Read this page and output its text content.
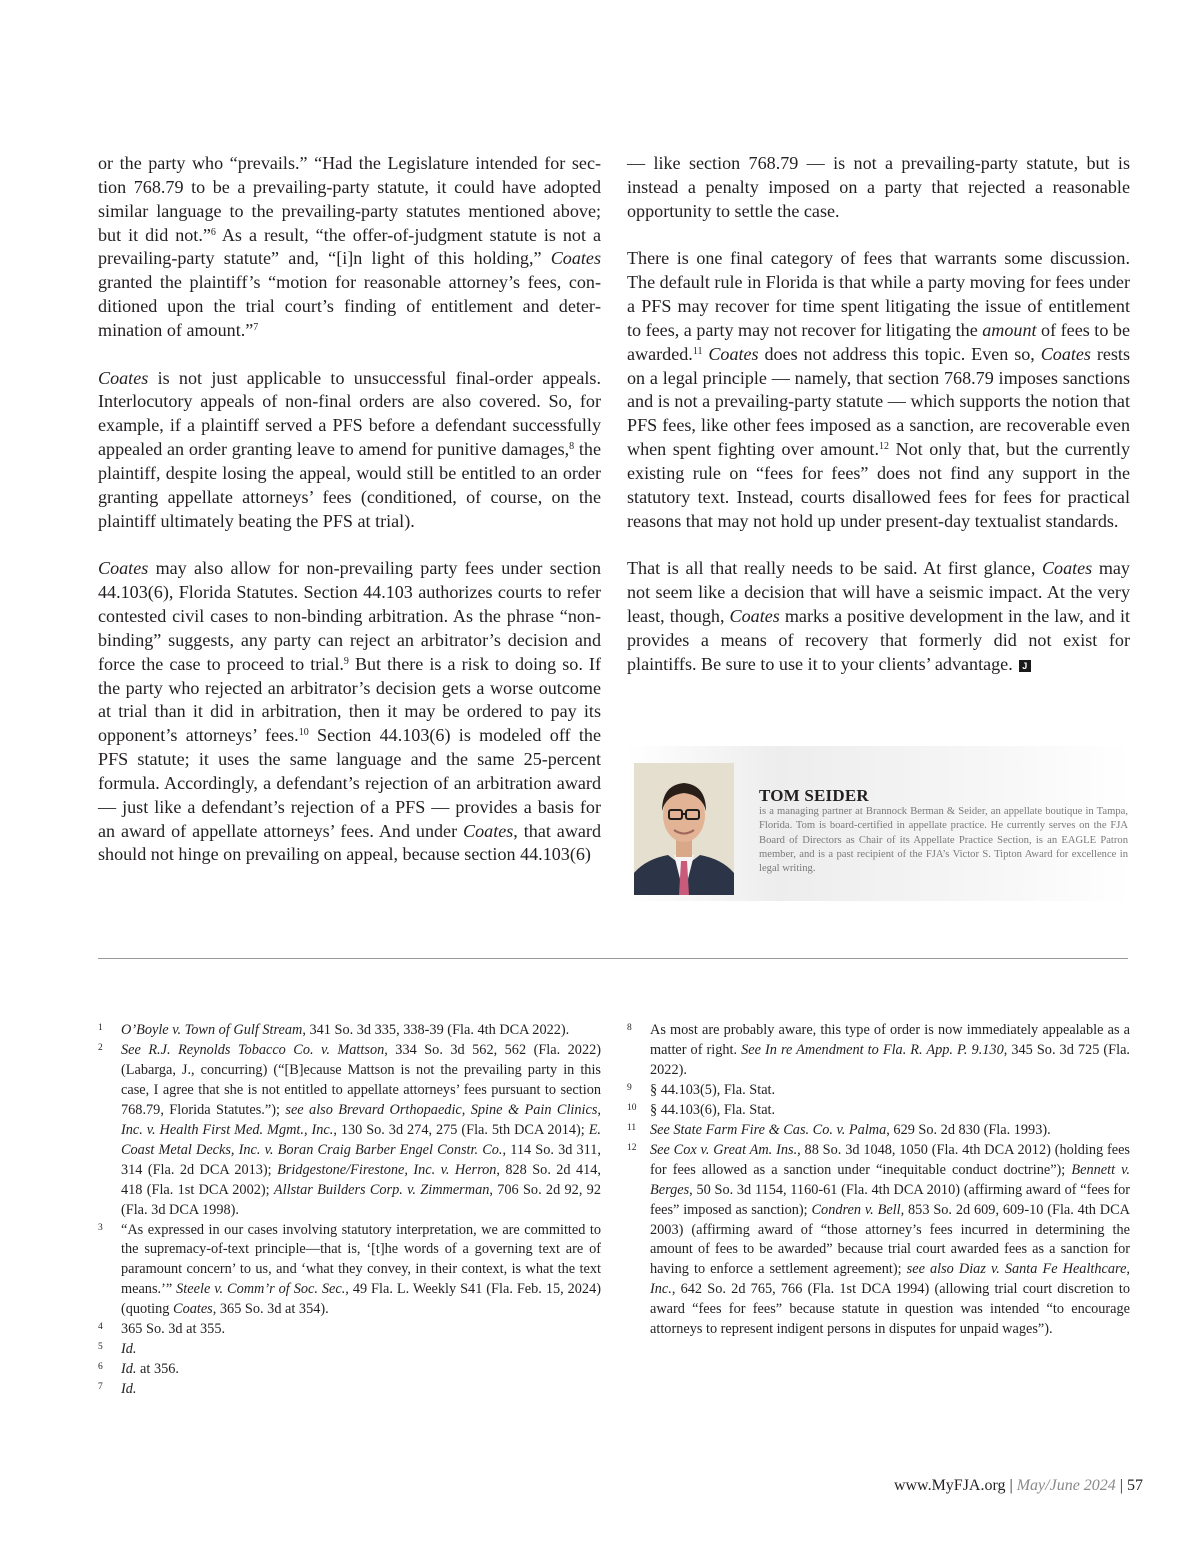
or the party who “prevails.” “Had the Legislature intended for section 768.79 to be a prevailing-party statute, it could have adopted similar language to the prevailing-party statutes mentioned above; but it did not.”$^6$ As a result, “the offer-of-judgment statute is not a prevailing-party statute” and, “[i]n light of this holding,” Coates granted the plaintiff’s “motion for reasonable attorney’s fees, conditioned upon the trial court’s finding of entitlement and determination of amount.”$^7$

Coates is not just applicable to unsuccessful final-order appeals. Interlocutory appeals of non-final orders are also covered. So, for example, if a plaintiff served a PFS before a defendant successfully appealed an order granting leave to amend for punitive damages,$^8$ the plaintiff, despite losing the appeal, would still be entitled to an order granting appellate attorneys’ fees (conditioned, of course, on the plaintiff ultimately beating the PFS at trial).

Coates may also allow for non-prevailing party fees under section 44.103(6), Florida Statutes. Section 44.103 authorizes courts to refer contested civil cases to non-binding arbitration. As the phrase “non-binding” suggests, any party can reject an arbitrator’s decision and force the case to proceed to trial.$^9$ But there is a risk to doing so. If the party who rejected an arbitrator’s decision gets a worse outcome at trial than it did in arbitration, then it may be ordered to pay its opponent’s attorneys’ fees.$^{10}$ Section 44.103(6) is modeled off the PFS statute; it uses the same language and the same 25-percent formula. Accordingly, a defendant’s rejection of an arbitration award — just like a defendant’s rejection of a PFS — provides a basis for an award of appellate attorneys’ fees. And under Coates, that award should not hinge on prevailing on appeal, because section 44.103(6)

— like section 768.79 — is not a prevailing-party statute, but is instead a penalty imposed on a party that rejected a reasonable opportunity to settle the case.

There is one final category of fees that warrants some discussion. The default rule in Florida is that while a party moving for fees under a PFS may recover for time spent litigating the issue of entitlement to fees, a party may not recover for litigating the amount of fees to be awarded.$^{11}$ Coates does not address this topic. Even so, Coates rests on a legal principle — namely, that section 768.79 imposes sanctions and is not a prevailing-party statute — which supports the notion that PFS fees, like other fees imposed as a sanction, are recoverable even when spent fighting over amount.$^{12}$ Not only that, but the currently existing rule on “fees for fees” does not find any support in the statutory text. Instead, courts disallowed fees for fees for practical reasons that may not hold up under present-day textualist standards.

That is all that really needs to be said. At first glance, Coates may not seem like a decision that will have a seismic impact. At the very least, though, Coates marks a positive development in the law, and it provides a means of recovery that formerly did not exist for plaintiffs. Be sure to use it to your clients’ advantage. J

TOM SEIDER
is a managing partner at Brannock Berman & Seider, an appellate boutique in Tampa, Florida. Tom is board-certified in appellate practice. He currently serves on the FJA Board of Directors as Chair of its Appellate Practice Section, is an EAGLE Patron member, and is a past recipient of the FJA’s Victor S. Tipton Award for excellence in legal writing.

1 O’Boyle v. Town of Gulf Stream, 341 So. 3d 335, 338-39 (Fla. 4th DCA 2022).

2 See R.J. Reynolds Tobacco Co. v. Mattson, 334 So. 3d 562, 562 (Fla. 2022) (Labarga, J., concurring) (“[B]ecause Mattson is not the prevailing party in this case, I agree that she is not entitled to appellate attorneys’ fees pursuant to section 768.79, Florida Statutes.”); see also Brevard Orthopaedic, Spine & Pain Clinics, Inc. v. Health First Med. Mgmt., Inc., 130 So. 3d 274, 275 (Fla. 5th DCA 2014); E. Coast Metal Decks, Inc. v. Boran Craig Barber Engel Constr. Co., 114 So. 3d 311, 314 (Fla. 2d DCA 2013); Bridgestone/Firestone, Inc. v. Herron, 828 So. 2d 414, 418 (Fla. 1st DCA 2002); Allstar Builders Corp. v. Zimmerman, 706 So. 2d 92, 92 (Fla. 3d DCA 1998).

3 “As expressed in our cases involving statutory interpretation, we are committed to the supremacy-of-text principle—that is, ‘[t]he words of a governing text are of paramount concern’ to us, and ‘what they convey, in their context, is what the text means.’” Steele v. Comm’r of Soc. Sec., 49 Fla. L. Weekly S41 (Fla. Feb. 15, 2024) (quoting Coates, 365 So. 3d at 354).

4 365 So. 3d at 355.

5 Id.

6 Id. at 356.

7 Id.

8 As most are probably aware, this type of order is now immediately appealable as a matter of right. See In re Amendment to Fla. R. App. P. 9.130, 345 So. 3d 725 (Fla. 2022).

9 § 44.103(5), Fla. Stat.

10 § 44.103(6), Fla. Stat.

11 See State Farm Fire & Cas. Co. v. Palma, 629 So. 2d 830 (Fla. 1993).

12 See Cox v. Great Am. Ins., 88 So. 3d 1048, 1050 (Fla. 4th DCA 2012) (holding fees for fees allowed as a sanction under “inequitable conduct doctrine”); Bennett v. Berges, 50 So. 3d 1154, 1160-61 (Fla. 4th DCA 2010) (affirming award of “fees for fees” imposed as sanction); Condren v. Bell, 853 So. 2d 609, 609-10 (Fla. 4th DCA 2003) (affirming award of “those attorney’s fees incurred in determining the amount of fees to be awarded” because trial court awarded fees as a sanction for having to enforce a settlement agreement); see also Diaz v. Santa Fe Healthcare, Inc., 642 So. 2d 765, 766 (Fla. 1st DCA 1994) (allowing trial court discretion to award “fees for fees” because statute in question was intended “to encourage attorneys to represent indigent persons in disputes for unpaid wages”).

www.MyFJA.org | May/June 2024 | 57
